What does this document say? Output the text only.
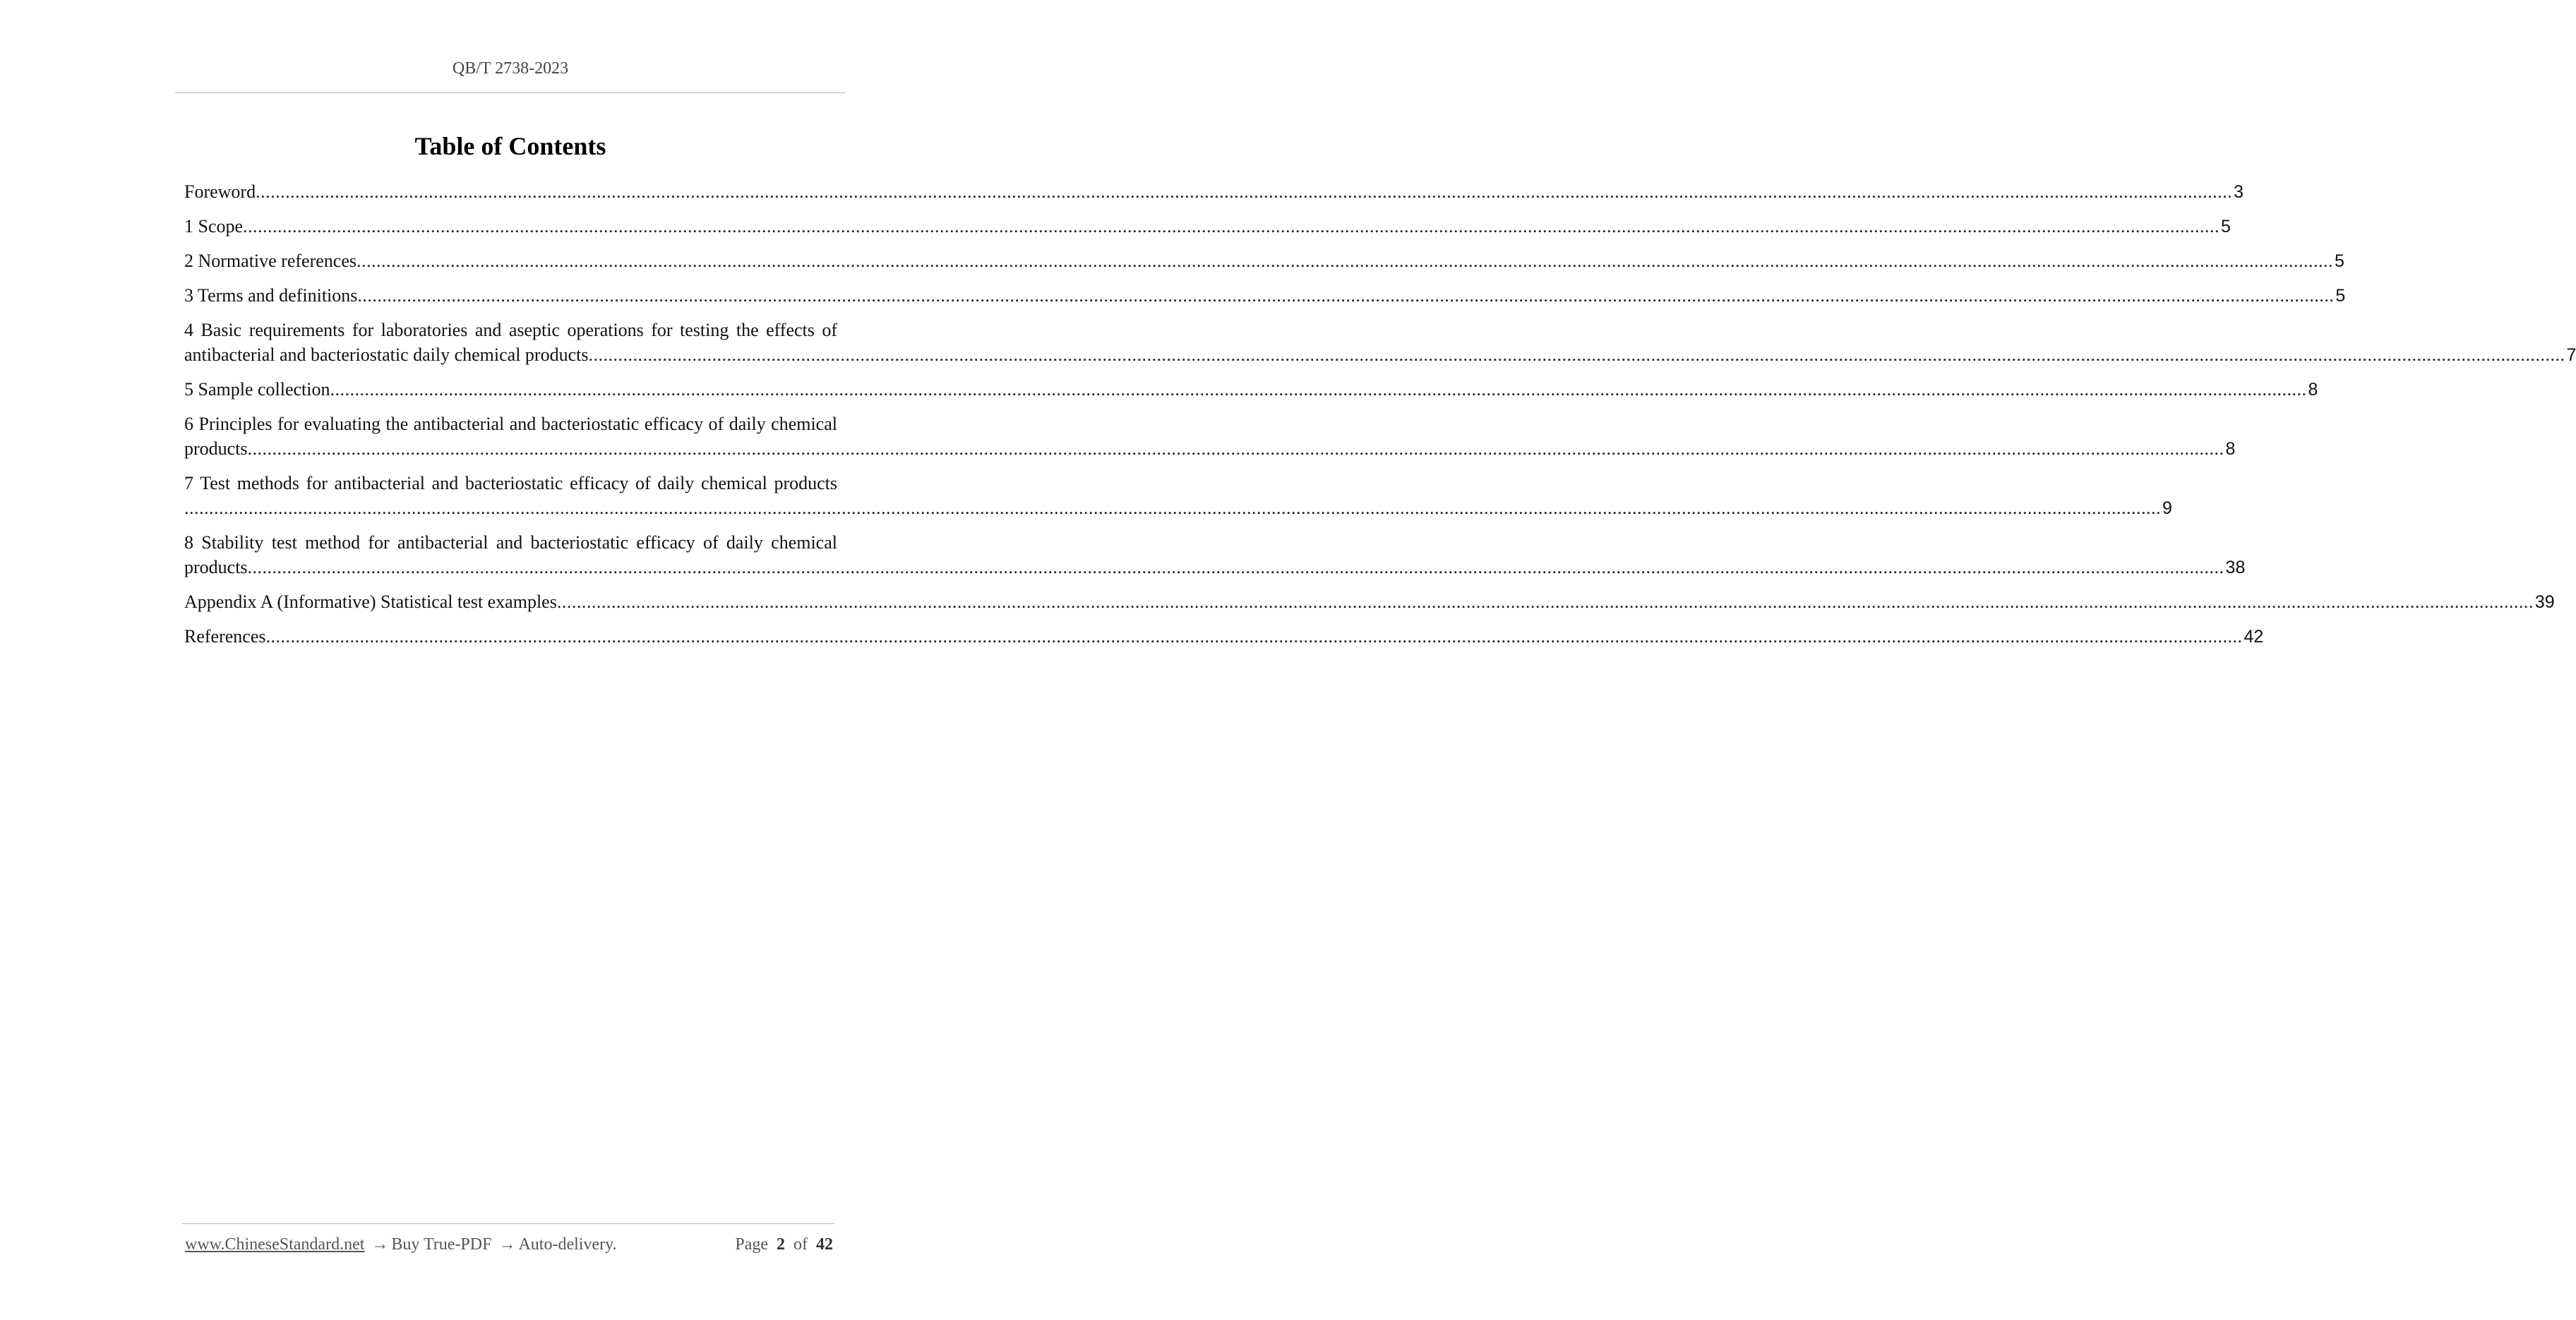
QB/T 2738-2023
Table of Contents
Foreword ................................................................................................................................................................................................................................................................................................................................................................................................................ 3
1 Scope ................................................................................................................................................................................................................................................................................................................................................................................................................ 5
2 Normative references ................................................................................................................................................................................................................................................................................................................................................................................................................ 5
3 Terms and definitions ................................................................................................................................................................................................................................................................................................................................................................................................................ 5
4 Basic requirements for laboratories and aseptic operations for testing the effects of
antibacterial and bacteriostatic daily chemical products ................................................................................................................................................................................................................................................................................................................................................................................................................ 7
5 Sample collection ................................................................................................................................................................................................................................................................................................................................................................................................................ 8
6 Principles for evaluating the antibacterial and bacteriostatic efficacy of daily chemical
products ................................................................................................................................................................................................................................................................................................................................................................................................................ 8
7 Test methods for antibacterial and bacteriostatic efficacy of daily chemical products
................................................................................................................................................................................................................................................................................................................................................................................................................ 9
8 Stability test method for antibacterial and bacteriostatic efficacy of daily chemical
products ................................................................................................................................................................................................................................................................................................................................................................................................................ 38
Appendix A (Informative) Statistical test examples ................................................................................................................................................................................................................................................................................................................................................................................................................ 39
References ................................................................................................................................................................................................................................................................................................................................................................................................................ 42
www.ChineseStandard.net → Buy True-PDF → Auto-delivery.	Page 2 of 42
